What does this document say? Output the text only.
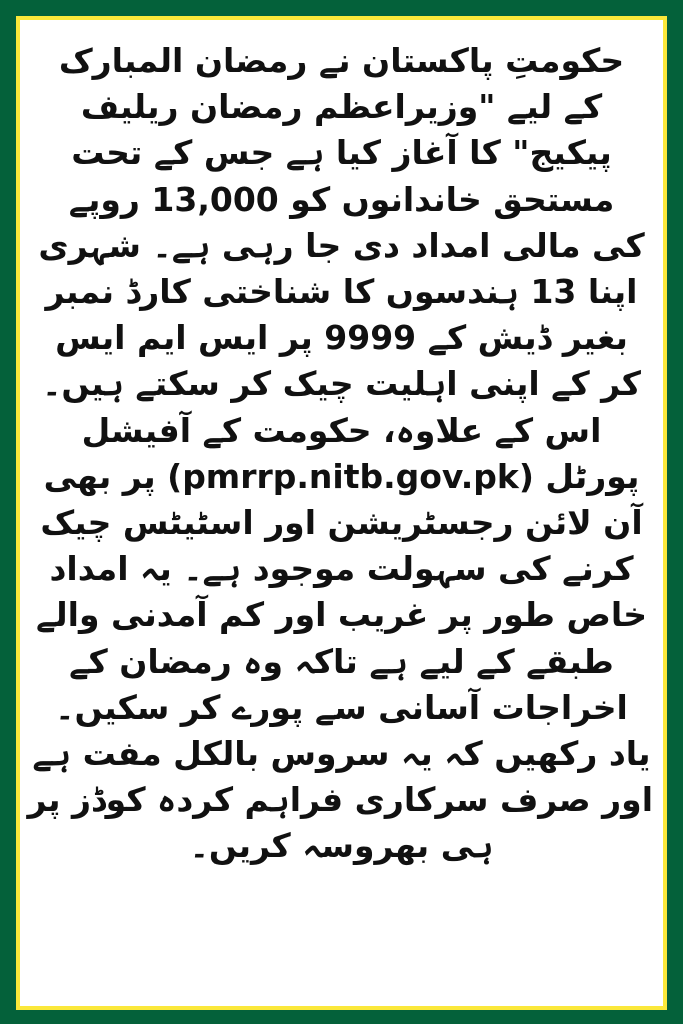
حکومتِ پاکستان نے رمضان المبارک
کے لیے "وزیراعظم رمضان ریلیف
پیکیج" کا آغاز کیا ہے جس کے تحت
مستحق خاندانوں کو 13,000 روپے
کی مالی امداد دی جا رہی ہے۔ شہری
اپنا 13 ہندسوں کا شناختی کارڈ نمبر
بغیر ڈیش کے 9999 پر ایس ایم ایس
کر کے اپنی اہلیت چیک کر سکتے ہیں۔
اس کے علاوہ، حکومت کے آفیشل
پورٹل (pmrrp.nitb.gov.pk) پر بھی
آن لائن رجسٹریشن اور اسٹیٹس چیک
کرنے کی سہولت موجود ہے۔ یہ امداد
خاص طور پر غریب اور کم آمدنی والے
طبقے کے لیے ہے تاکہ وہ رمضان کے
اخراجات آسانی سے پورے کر سکیں۔
یاد رکھیں کہ یہ سروس بالکل مفت ہے
اور صرف سرکاری فراہم کردہ کوڈز پر
ہی بھروسہ کریں۔
